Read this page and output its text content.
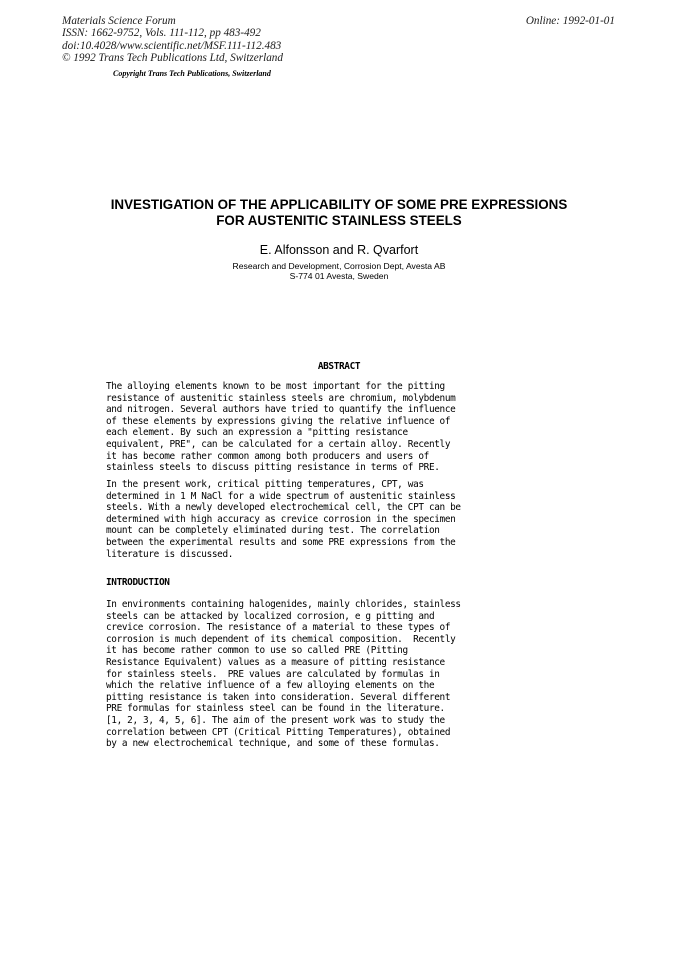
Materials Science Forum
ISSN: 1662-9752, Vols. 111-112, pp 483-492
doi:10.4028/www.scientific.net/MSF.111-112.483
© 1992 Trans Tech Publications Ltd, Switzerland
Online: 1992-01-01
Copyright Trans Tech Publications, Switzerland
INVESTIGATION OF THE APPLICABILITY OF SOME PRE EXPRESSIONS
FOR AUSTENITIC STAINLESS STEELS
E. Alfonsson and R. Qvarfort
Research and Development, Corrosion Dept, Avesta AB
S-774 01 Avesta, Sweden
ABSTRACT
The alloying elements known to be most important for the pitting
resistance of austenitic stainless steels are chromium, molybdenum
and nitrogen. Several authors have tried to quantify the influence
of these elements by expressions giving the relative influence of
each element. By such an expression a "pitting resistance
equivalent, PRE", can be calculated for a certain alloy. Recently
it has become rather common among both producers and users of
stainless steels to discuss pitting resistance in terms of PRE.
In the present work, critical pitting temperatures, CPT, was
determined in 1 M NaCl for a wide spectrum of austenitic stainless
steels. With a newly developed electrochemical cell, the CPT can be
determined with high accuracy as crevice corrosion in the specimen
mount can be completely eliminated during test. The correlation
between the experimental results and some PRE expressions from the
literature is discussed.
INTRODUCTION
In environments containing halogenides, mainly chlorides, stainless
steels can be attacked by localized corrosion, e g pitting and
crevice corrosion. The resistance of a material to these types of
corrosion is much dependent of its chemical composition.  Recently
it has become rather common to use so called PRE (Pitting
Resistance Equivalent) values as a measure of pitting resistance
for stainless steels.  PRE values are calculated by formulas in
which the relative influence of a few alloying elements on the
pitting resistance is taken into consideration. Several different
PRE formulas for stainless steel can be found in the literature.
[1, 2, 3, 4, 5, 6]. The aim of the present work was to study the
correlation between CPT (Critical Pitting Temperatures), obtained
by a new electrochemical technique, and some of these formulas.
